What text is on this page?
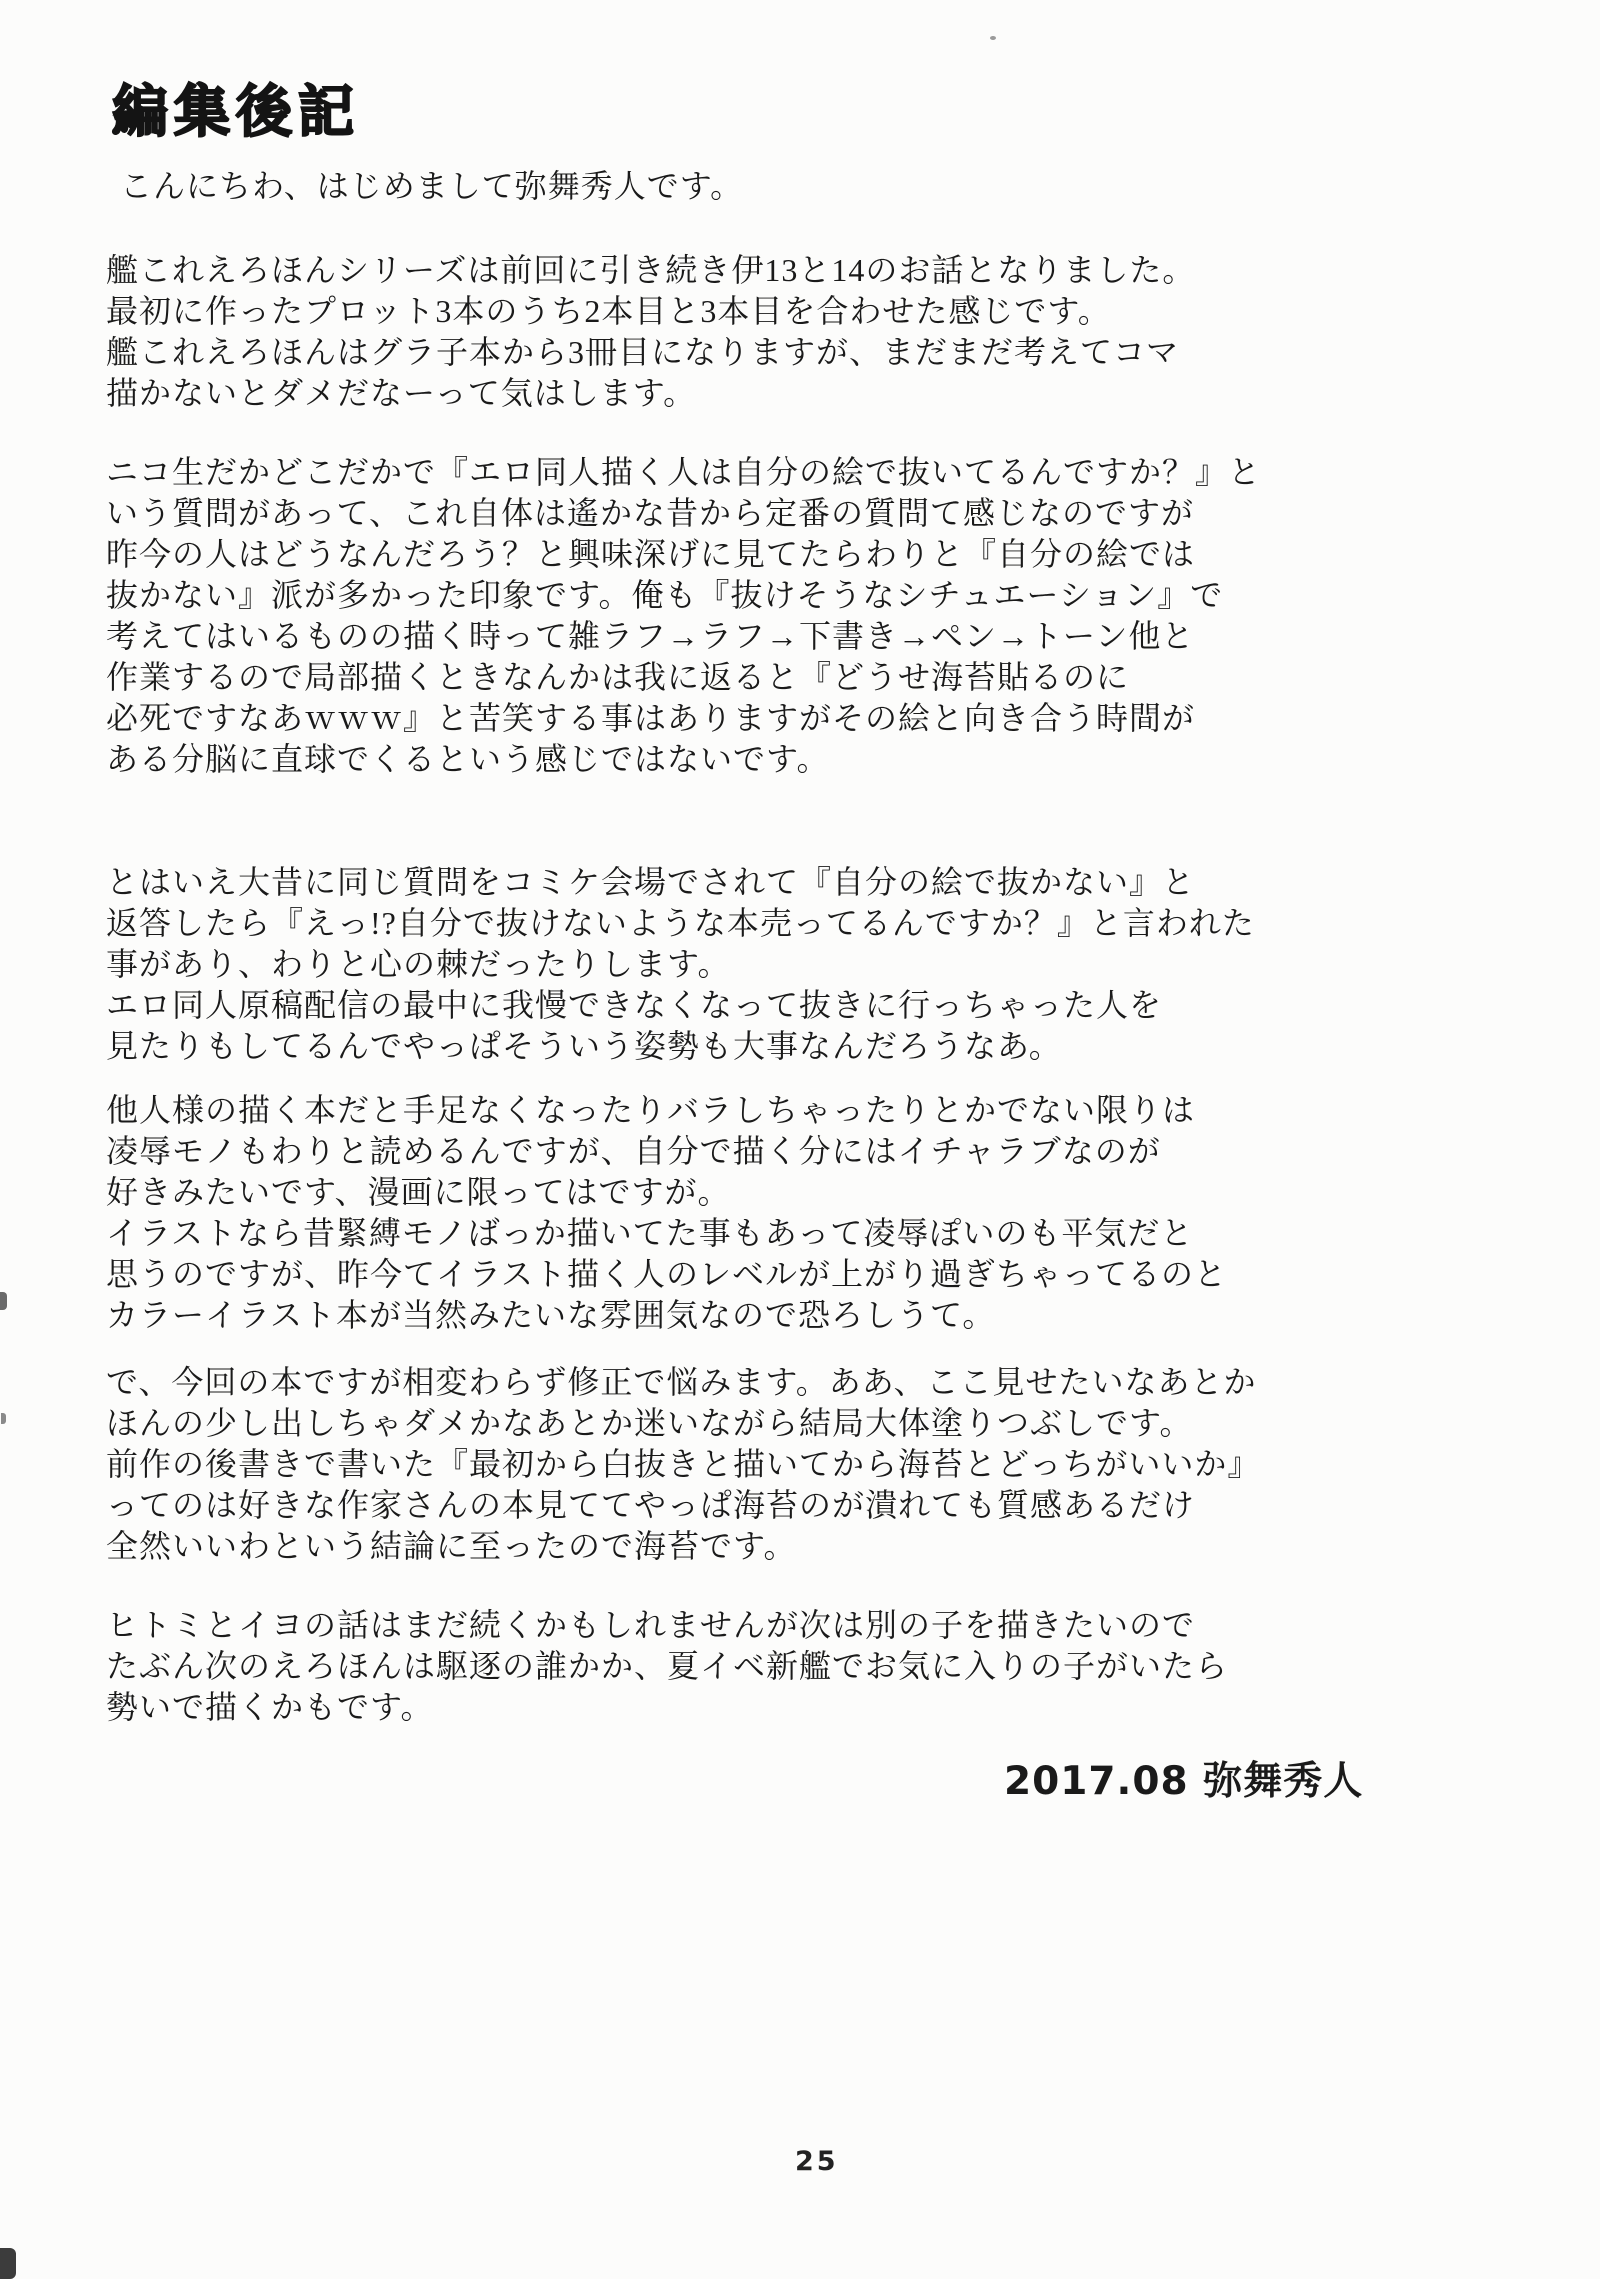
編集後記

こんにちわ、はじめまして弥舞秀人です。

艦これえろほんシリーズは前回に引き続き伊13と14のお話となりました。
最初に作ったプロット3本のうち2本目と3本目を合わせた感じです。
艦これえろほんはグラ子本から3冊目になりますが、まだまだ考えてコマ
描かないとダメだなーって気はします。

ニコ生だかどこだかで『エロ同人描く人は自分の絵で抜いてるんですか？』と
いう質問があって、これ自体は遙かな昔から定番の質問て感じなのですが
昨今の人はどうなんだろう？と興味深げに見てたらわりと『自分の絵では
抜かない』派が多かった印象です。俺も『抜けそうなシチュエーション』で
考えてはいるものの描く時って雑ラフ→ラフ→下書き→ペン→トーン他と
作業するので局部描くときなんかは我に返ると『どうせ海苔貼るのに
必死ですなあｗｗｗ』と苦笑する事はありますがその絵と向き合う時間が
ある分脳に直球でくるという感じではないです。

とはいえ大昔に同じ質問をコミケ会場でされて『自分の絵で抜かない』と
返答したら『えっ!?自分で抜けないような本売ってるんですか？』と言われた
事があり、わりと心の棘だったりします。
エロ同人原稿配信の最中に我慢できなくなって抜きに行っちゃった人を
見たりもしてるんでやっぱそういう姿勢も大事なんだろうなあ。

他人様の描く本だと手足なくなったりバラしちゃったりとかでない限りは
凌辱モノもわりと読めるんですが、自分で描く分にはイチャラブなのが
好きみたいです、漫画に限ってはですが。
イラストなら昔緊縛モノばっか描いてた事もあって凌辱ぽいのも平気だと
思うのですが、昨今てイラスト描く人のレベルが上がり過ぎちゃってるのと
カラーイラスト本が当然みたいな雰囲気なので恐ろしうて。

で、今回の本ですが相変わらず修正で悩みます。ああ、ここ見せたいなあとか
ほんの少し出しちゃダメかなあとか迷いながら結局大体塗りつぶしです。
前作の後書きで書いた『最初から白抜きと描いてから海苔とどっちがいいか』
ってのは好きな作家さんの本見ててやっぱ海苔のが潰れても質感あるだけ
全然いいわという結論に至ったので海苔です。

ヒトミとイヨの話はまだ続くかもしれませんが次は別の子を描きたいので
たぶん次のえろほんは駆逐の誰かか、夏イベ新艦でお気に入りの子がいたら
勢いで描くかもです。

2017.08 弥舞秀人
25
